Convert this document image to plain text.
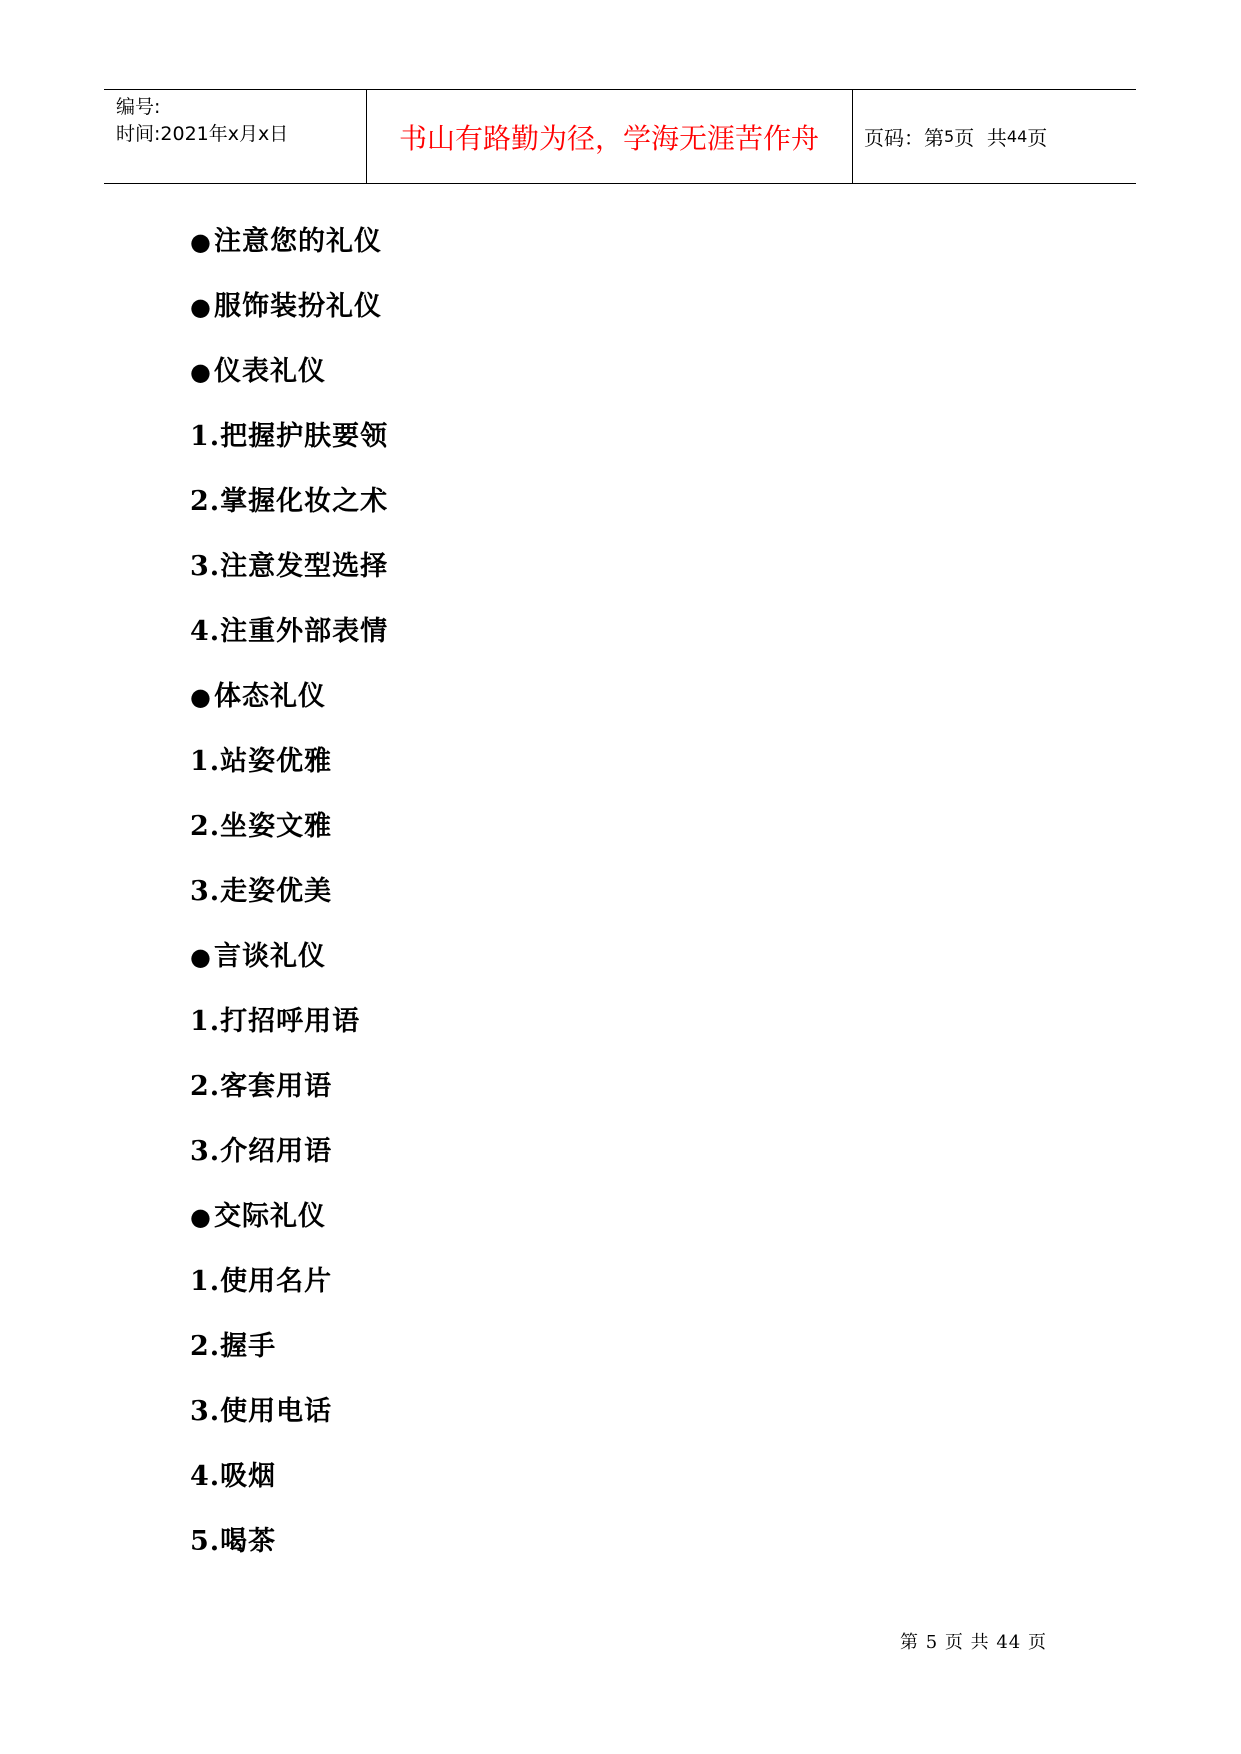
编号:
时间:2021年x月x日	书山有路勤为径，学海无涯苦作舟	页码：第 5 页  共 44 页
●注意您的礼仪
●服饰装扮礼仪
●仪表礼仪
1.把握护肤要领
2.掌握化妆之术
3.注意发型选择
4.注重外部表情
●体态礼仪
1.站姿优雅
2.坐姿文雅
3.走姿优美
●言谈礼仪
1.打招呼用语
2.客套用语
3.介绍用语
●交际礼仪
1.使用名片
2.握手
3.使用电话
4.吸烟
5.喝茶
第 5 页 共 44 页
